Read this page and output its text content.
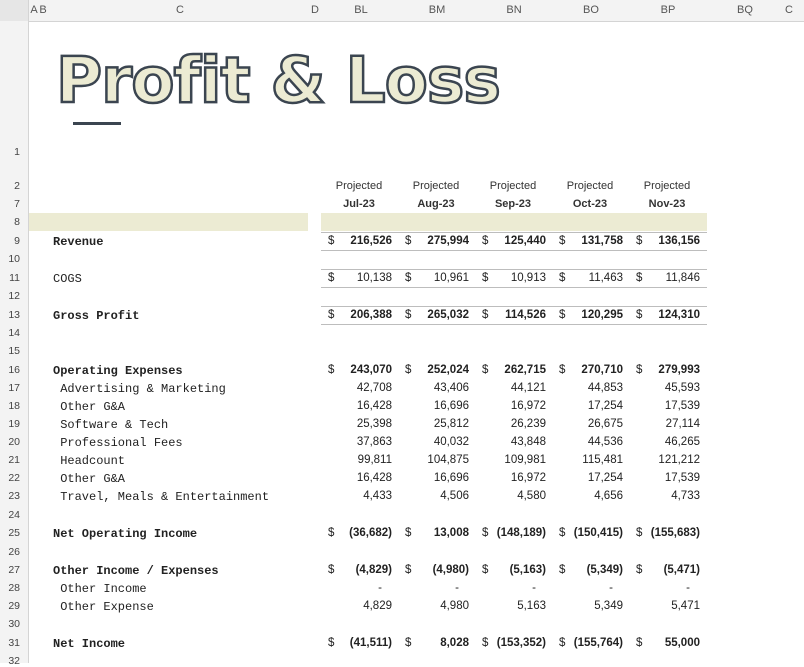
A B	C	D	BL	BM	BN	BO	BP	BQ	C
1
2
7
8
9
10
11
12
13
14
15
16
17
18
19
20
21
22
23
24
25
26
27
28
29
30
31
32
Profit & Loss
Projected	Projected	Projected	Projected	Projected
Jul-23	Aug-23	Sep-23	Oct-23	Nov-23
Revenue	$ 216,526 $ 275,994 $ 125,440 $ 131,758 $ 136,156
COGS	$ 10,138 $ 10,961 $ 10,913 $ 11,463 $ 11,846
Gross Profit	$ 206,388 $ 265,032 $ 114,526 $ 120,295 $ 124,310
Operating Expenses	$ 243,070 $ 252,024 $ 262,715 $ 270,710 $ 279,993
Advertising & Marketing	42,708	43,406	44,121	44,853	45,593
Other G&A	16,428	16,696	16,972	17,254	17,539
Software & Tech	25,398	25,812	26,239	26,675	27,114
Professional Fees	37,863	40,032	43,848	44,536	46,265
Headcount	99,811	104,875	109,981	115,481	121,212
Other G&A	16,428	16,696	16,972	17,254	17,539
Travel, Meals & Entertainment	4,433	4,506	4,580	4,656	4,733
Net Operating Income	$ (36,682) $ 13,008 $ (148,189) $ (150,415) $ (155,683)
Other Income / Expenses	$ (4,829) $ (4,980) $ (5,163) $ (5,349) $ (5,471)
Other Income	-	-	-	-	-
Other Expense	4,829	4,980	5,163	5,349	5,471
Net Income	$ (41,511) $	8,028 $ (153,352) $ (155,764) $ 55,000
